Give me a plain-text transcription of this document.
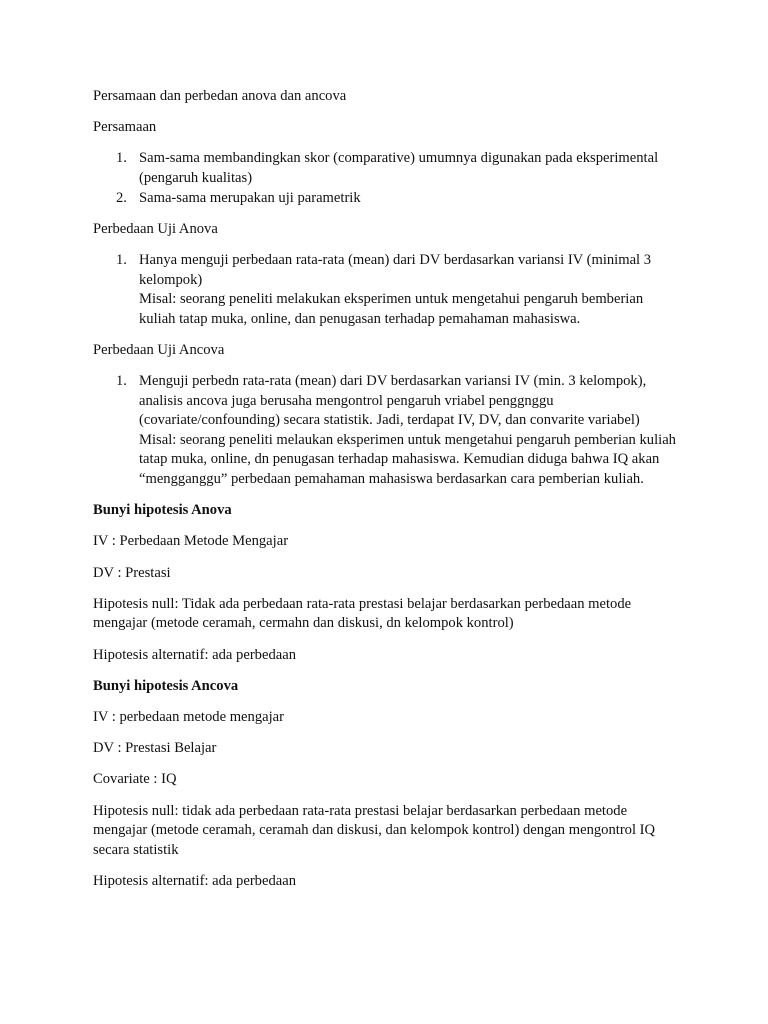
Persamaan dan perbedan anova dan ancova

Persamaan

1. Sam-sama membandingkan skor (comparative) umumnya digunakan pada eksperimental (pengaruh kualitas)
2. Sama-sama merupakan uji parametrik

Perbedaan Uji Anova

1. Hanya menguji perbedaan rata-rata (mean) dari DV berdasarkan variansi IV (minimal 3 kelompok)
Misal: seorang peneliti melakukan eksperimen untuk mengetahui pengaruh bemberian kuliah tatap muka, online, dan penugasan terhadap pemahaman mahasiswa.

Perbedaan Uji Ancova

1. Menguji perbedn rata-rata (mean) dari DV berdasarkan variansi IV (min. 3 kelompok), analisis ancova juga berusaha mengontrol pengaruh vriabel penggnggu (covariate/confounding) secara statistik. Jadi, terdapat IV, DV, dan convarite variabel)
Misal: seorang peneliti melaukan eksperimen untuk mengetahui pengaruh pemberian kuliah tatap muka, online, dn penugasan terhadap mahasiswa. Kemudian diduga bahwa IQ akan “mengganggu” perbedaan pemahaman mahasiswa berdasarkan cara pemberian kuliah.

Bunyi hipotesis Anova

IV : Perbedaan Metode Mengajar

DV : Prestasi

Hipotesis null: Tidak ada perbedaan rata-rata prestasi belajar berdasarkan perbedaan metode mengajar (metode ceramah, cermahn dan diskusi, dn kelompok kontrol)

Hipotesis alternatif: ada perbedaan

Bunyi hipotesis Ancova

IV : perbedaan metode mengajar

DV : Prestasi Belajar

Covariate : IQ

Hipotesis null: tidak ada perbedaan rata-rata prestasi belajar berdasarkan perbedaan metode mengajar (metode ceramah, ceramah dan diskusi, dan kelompok kontrol) dengan mengontrol IQ secara statistik

Hipotesis alternatif: ada perbedaan
